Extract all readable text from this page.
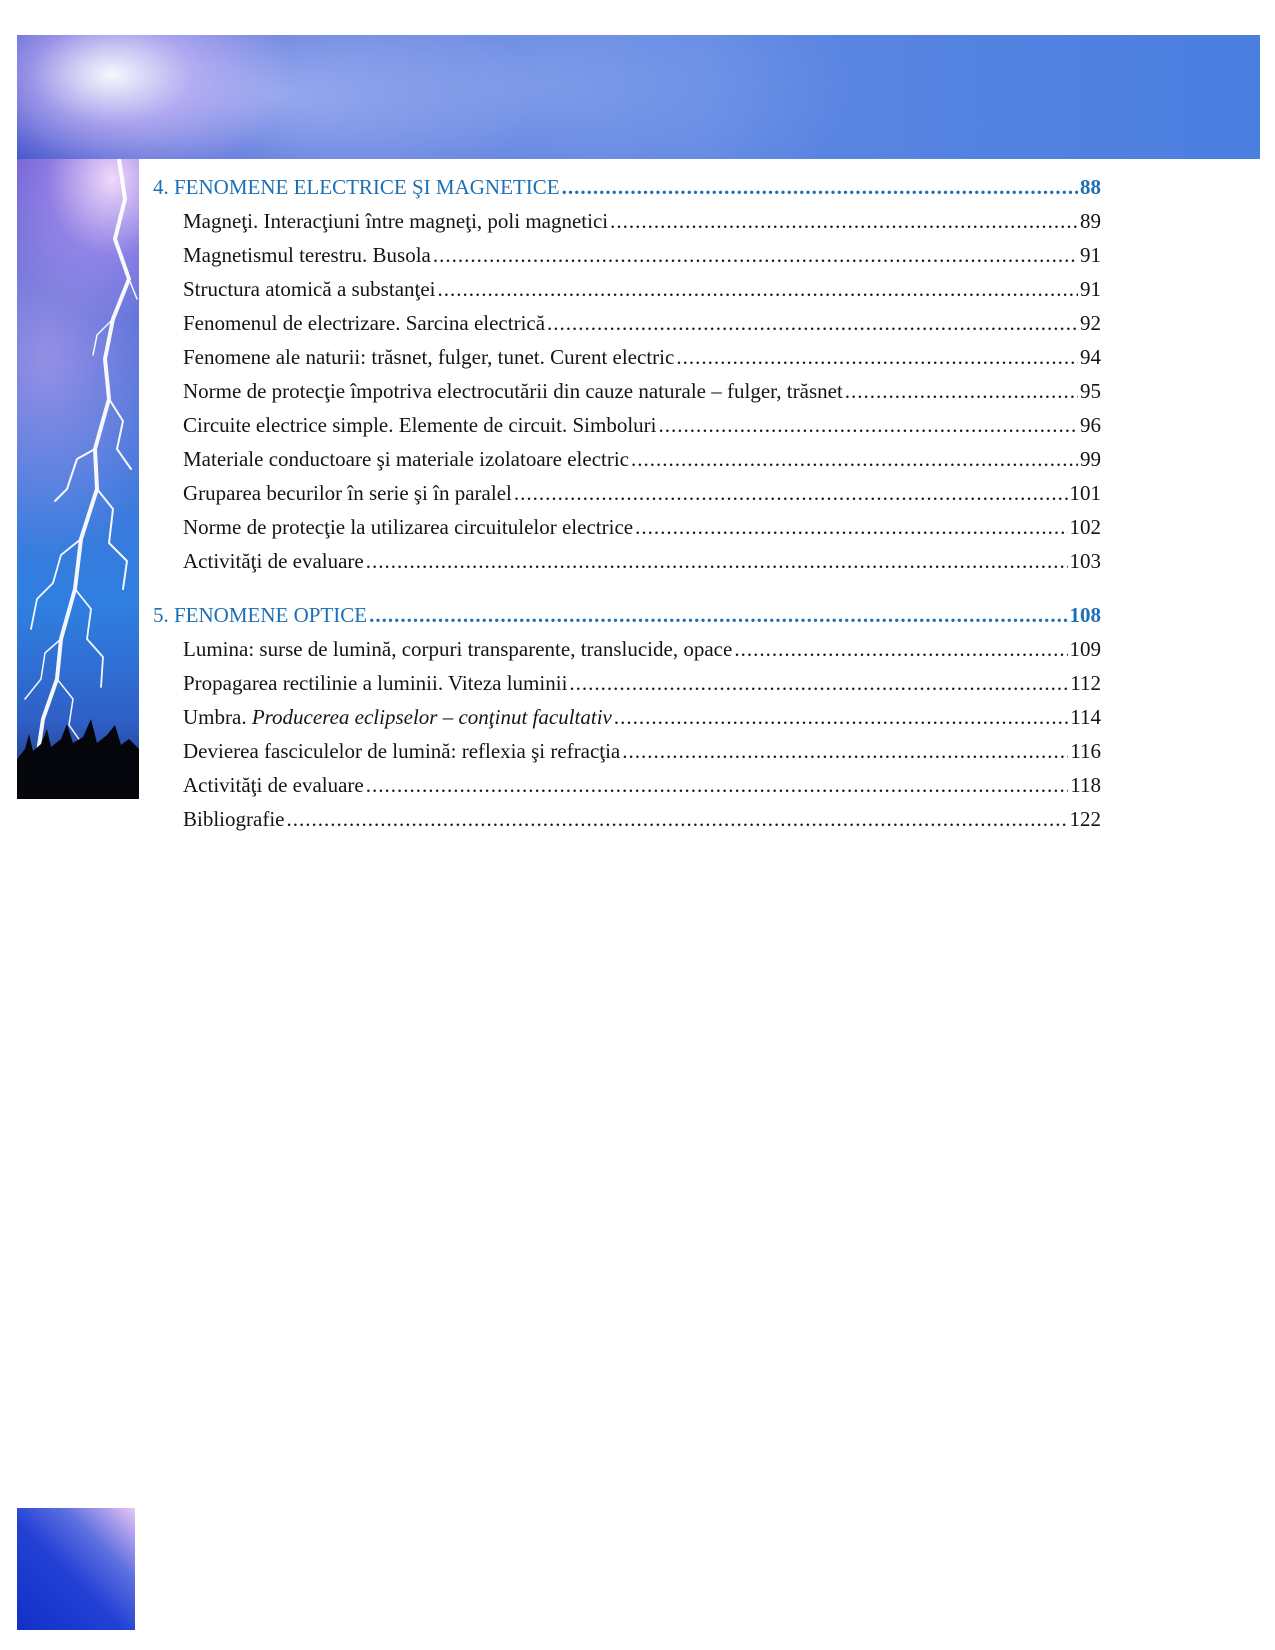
4. FENOMENE ELECTRICE ŞI MAGNETICE .....	88
Magneţi. Interacţiuni între magneţi, poli magnetici .....	89
Magnetismul terestru. Busola .....	91
Structura atomică a substanţei .....	91
Fenomenul de electrizare. Sarcina electrică .....	92
Fenomene ale naturii: trăsnet, fulger, tunet. Curent electric .....	94
Norme de protecţie împotriva electrocutării din cauze naturale – fulger, trăsnet .....	95
Circuite electrice simple. Elemente de circuit. Simboluri .....	96
Materiale conductoare şi materiale izolatoare electric .....	99
Gruparea becurilor în serie şi în paralel .....	101
Norme de protecţie la utilizarea circuitulelor electrice .....	102
Activităţi de evaluare .....	103
5. FENOMENE OPTICE .....	108
Lumina: surse de lumină, corpuri transparente, translucide, opace .....	109
Propagarea rectilinie a luminii. Viteza luminii .....	112
Umbra. Producerea eclipselor – conţinut facultativ .....	114
Devierea fasciculelor de lumină: reflexia şi refracţia .....	116
Activităţi de evaluare .....	118
Bibliografie .....	122
